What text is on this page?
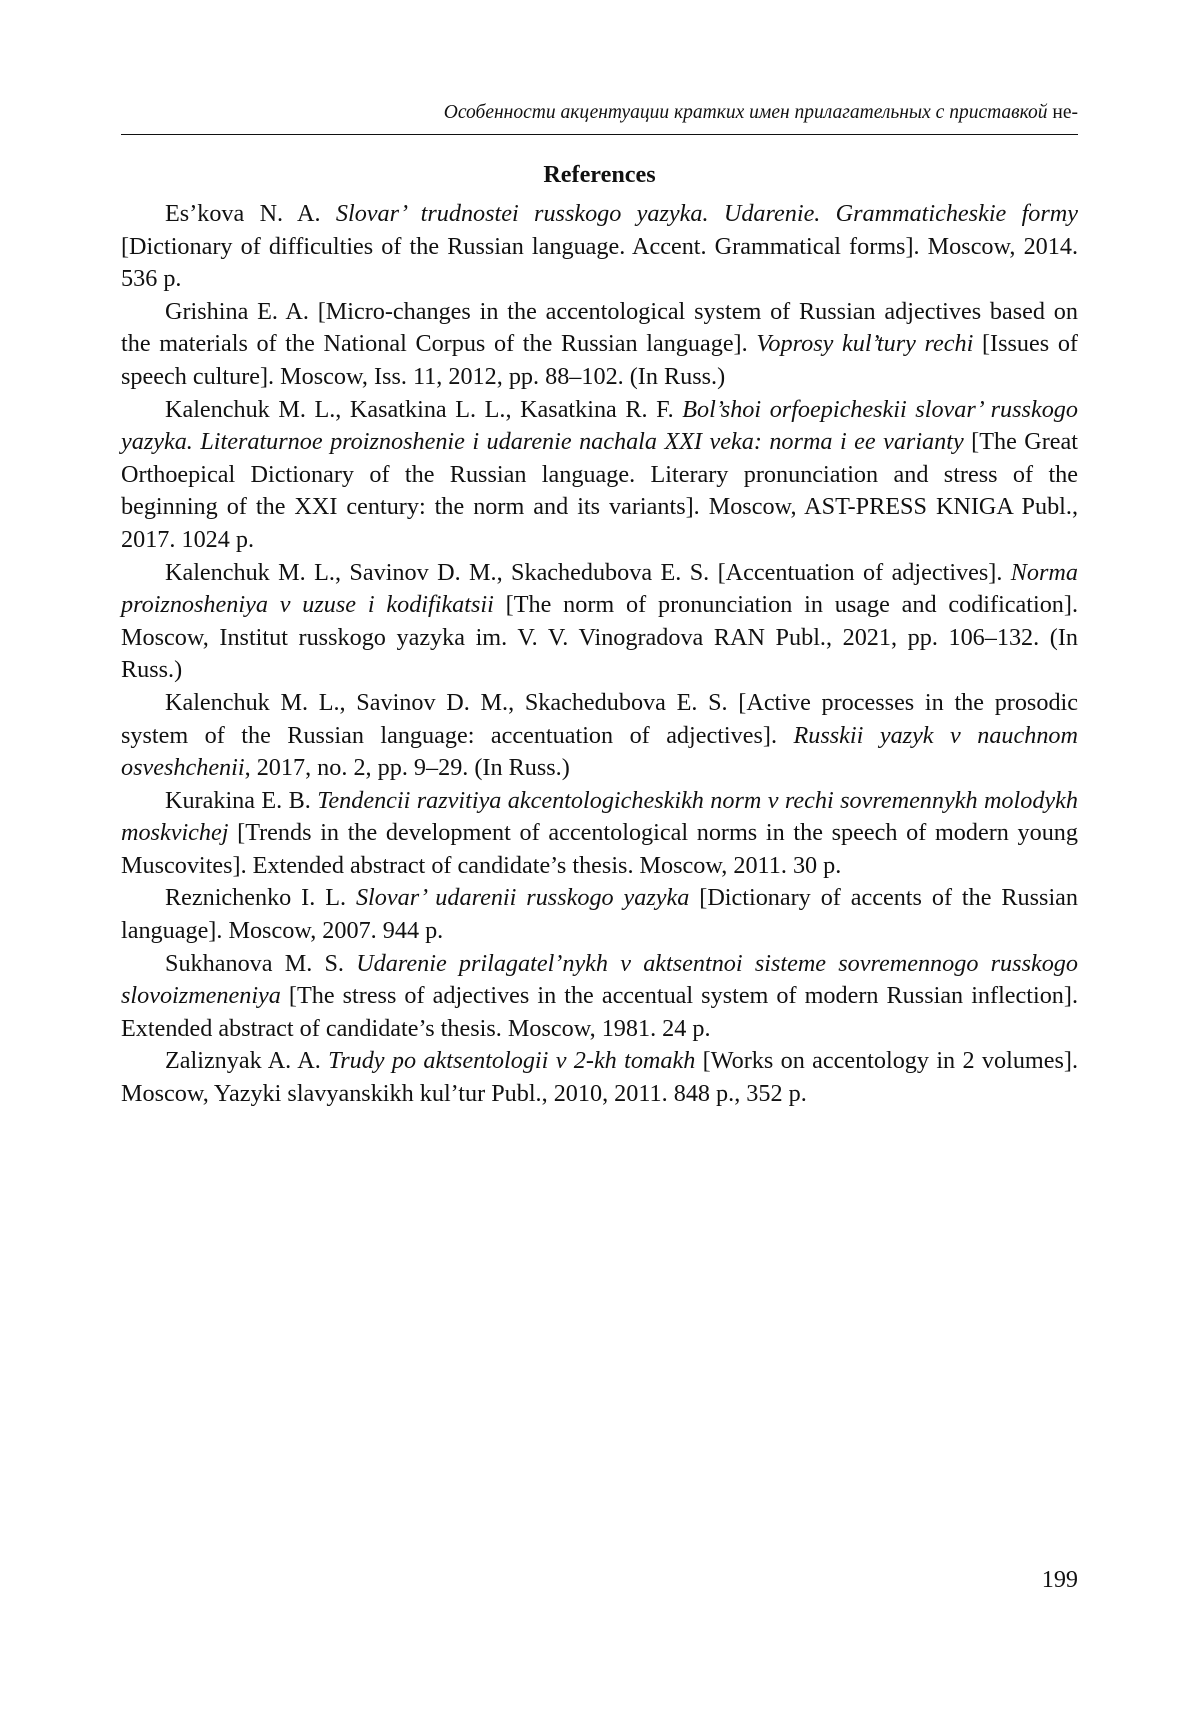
Особенности акцентуации кратких имен прилагательных с приставкой не-
References

Es’kova N. A. Slovar’ trudnostei russkogo yazyka. Udarenie. Grammaticheskie formy [Dictionary of difficulties of the Russian language. Accent. Grammatical forms]. Moscow, 2014. 536 p.

Grishina E. A. [Micro-changes in the accentological system of Russian adjectives based on the materials of the National Corpus of the Russian language]. Voprosy kul’tury rechi [Issues of speech culture]. Moscow, Iss. 11, 2012, pp. 88–102. (In Russ.)

Kalenchuk M. L., Kasatkina L. L., Kasatkina R. F. Bol’shoi orfoepicheskii slovar’ russkogo yazyka. Literaturnoe proiznoshenie i udarenie nachala XXI veka: norma i ee varianty [The Great Orthoepical Dictionary of the Russian language. Literary pronunciation and stress of the beginning of the XXI century: the norm and its variants]. Moscow, AST-PRESS KNIGA Publ., 2017. 1024 p.

Kalenchuk M. L., Savinov D. M., Skachedubova E. S. [Accentuation of adjectives]. Norma proiznosheniya v uzuse i kodifikatsii [The norm of pronunciation in usage and codification]. Moscow, Institut russkogo yazyka im. V. V. Vinogradova RAN Publ., 2021, pp. 106–132. (In Russ.)

Kalenchuk M. L., Savinov D. M., Skachedubova E. S. [Active processes in the prosodic system of the Russian language: accentuation of adjectives]. Russkii yazyk v nauchnom osveshchenii, 2017, no. 2, pp. 9–29. (In Russ.)

Kurakina E. B. Tendencii razvitiya akcentologicheskikh norm v rechi sovremennykh molodykh moskvichej [Trends in the development of accentological norms in the speech of modern young Muscovites]. Extended abstract of candidate’s thesis. Moscow, 2011. 30 p.

Reznichenko I. L. Slovar’ udarenii russkogo yazyka [Dictionary of accents of the Russian language]. Moscow, 2007. 944 p.

Sukhanova M. S. Udarenie prilagatel’nykh v aktsentnoi sisteme sovremennogo russkogo slovoizmeneniya [The stress of adjectives in the accentual system of modern Russian inflection]. Extended abstract of candidate’s thesis. Moscow, 1981. 24 p.

Zaliznyak A. A. Trudy po aktsentologii v 2-kh tomakh [Works on accentology in 2 volumes]. Moscow, Yazyki slavyanskikh kul’tur Publ., 2010, 2011. 848 p., 352 p.

199
